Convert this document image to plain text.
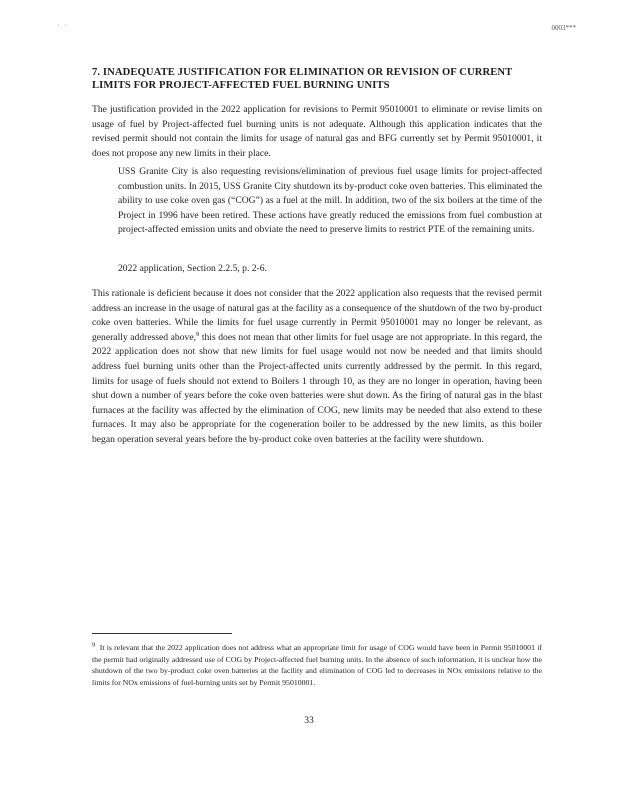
' '	0003***
7. INADEQUATE JUSTIFICATION FOR ELIMINATION OR REVISION OF CURRENT LIMITS FOR PROJECT-AFFECTED FUEL BURNING UNITS

The justification provided in the 2022 application for revisions to Permit 95010001 to eliminate or revise limits on usage of fuel by Project-affected fuel burning units is not adequate. Although this application indicates that the revised permit should not contain the limits for usage of natural gas and BFG currently set by Permit 95010001, it does not propose any new limits in their place.

USS Granite City is also requesting revisions/elimination of previous fuel usage limits for project-affected combustion units. In 2015, USS Granite City shutdown its by-product coke oven batteries. This eliminated the ability to use coke oven gas (“COG”) as a fuel at the mill. In addition, two of the six boilers at the time of the Project in 1996 have been retired. These actions have greatly reduced the emissions from fuel combustion at project-affected emission units and obviate the need to preserve limits to restrict PTE of the remaining units.

2022 application, Section 2.2.5, p. 2-6.

This rationale is deficient because it does not consider that the 2022 application also requests that the revised permit address an increase in the usage of natural gas at the facility as a consequence of the shutdown of the two by-product coke oven batteries. While the limits for fuel usage currently in Permit 95010001 may no longer be relevant, as generally addressed above,$^9$ this does not mean that other limits for fuel usage are not appropriate. In this regard, the 2022 application does not show that new limits for fuel usage would not now be needed and that limits should address fuel burning units other than the Project-affected units currently addressed by the permit. In this regard, limits for usage of fuels should not extend to Boilers 1 through 10, as they are no longer in operation, having been shut down a number of years before the coke oven batteries were shut down. As the firing of natural gas in the blast furnaces at the facility was affected by the elimination of COG, new limits may be needed that also extend to these furnaces. It may also be appropriate for the cogeneration boiler to be addressed by the new limits, as this boiler began operation several years before the by-product coke oven batteries at the facility were shutdown.

$^9$ It is relevant that the 2022 application does not address what an appropriate limit for usage of COG would have been in Permit 95010001 if the permit had originally addressed use of COG by Project-affected fuel burning units. In the absence of such information, it is unclear how the shutdown of the two by-product coke oven batteries at the facility and elimination of COG led to decreases in NOx emissions relative to the limits for NOx emissions of fuel-burning units set by Permit 95010001.

33
